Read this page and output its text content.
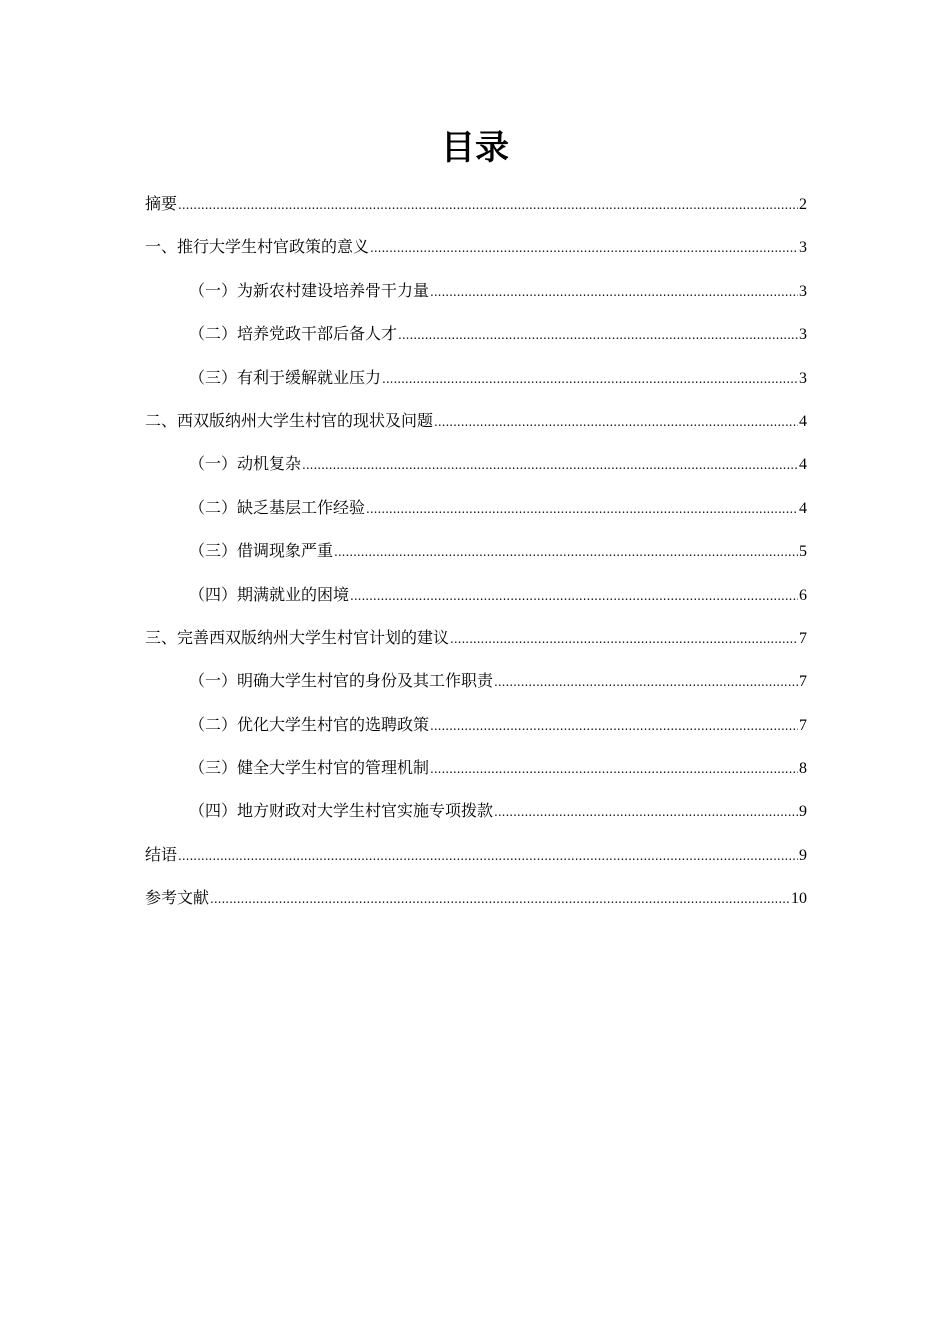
目录
摘要 .....	2
一、推行大学生村官政策的意义 .....	3
（一）为新农村建设培养骨干力量 .....	3
（二）培养党政干部后备人才 .....	3
（三）有利于缓解就业压力 .....	3
二、西双版纳州大学生村官的现状及问题 .....	4
（一）动机复杂 .....	4
（二）缺乏基层工作经验 .....	4
（三）借调现象严重 .....	5
（四）期满就业的困境 .....	6
三、完善西双版纳州大学生村官计划的建议 .....	7
（一）明确大学生村官的身份及其工作职责 .....	7
（二）优化大学生村官的选聘政策 .....	7
（三）健全大学生村官的管理机制 .....	8
（四）地方财政对大学生村官实施专项拨款 .....	9
结语 .....	9
参考文献 .....	10
